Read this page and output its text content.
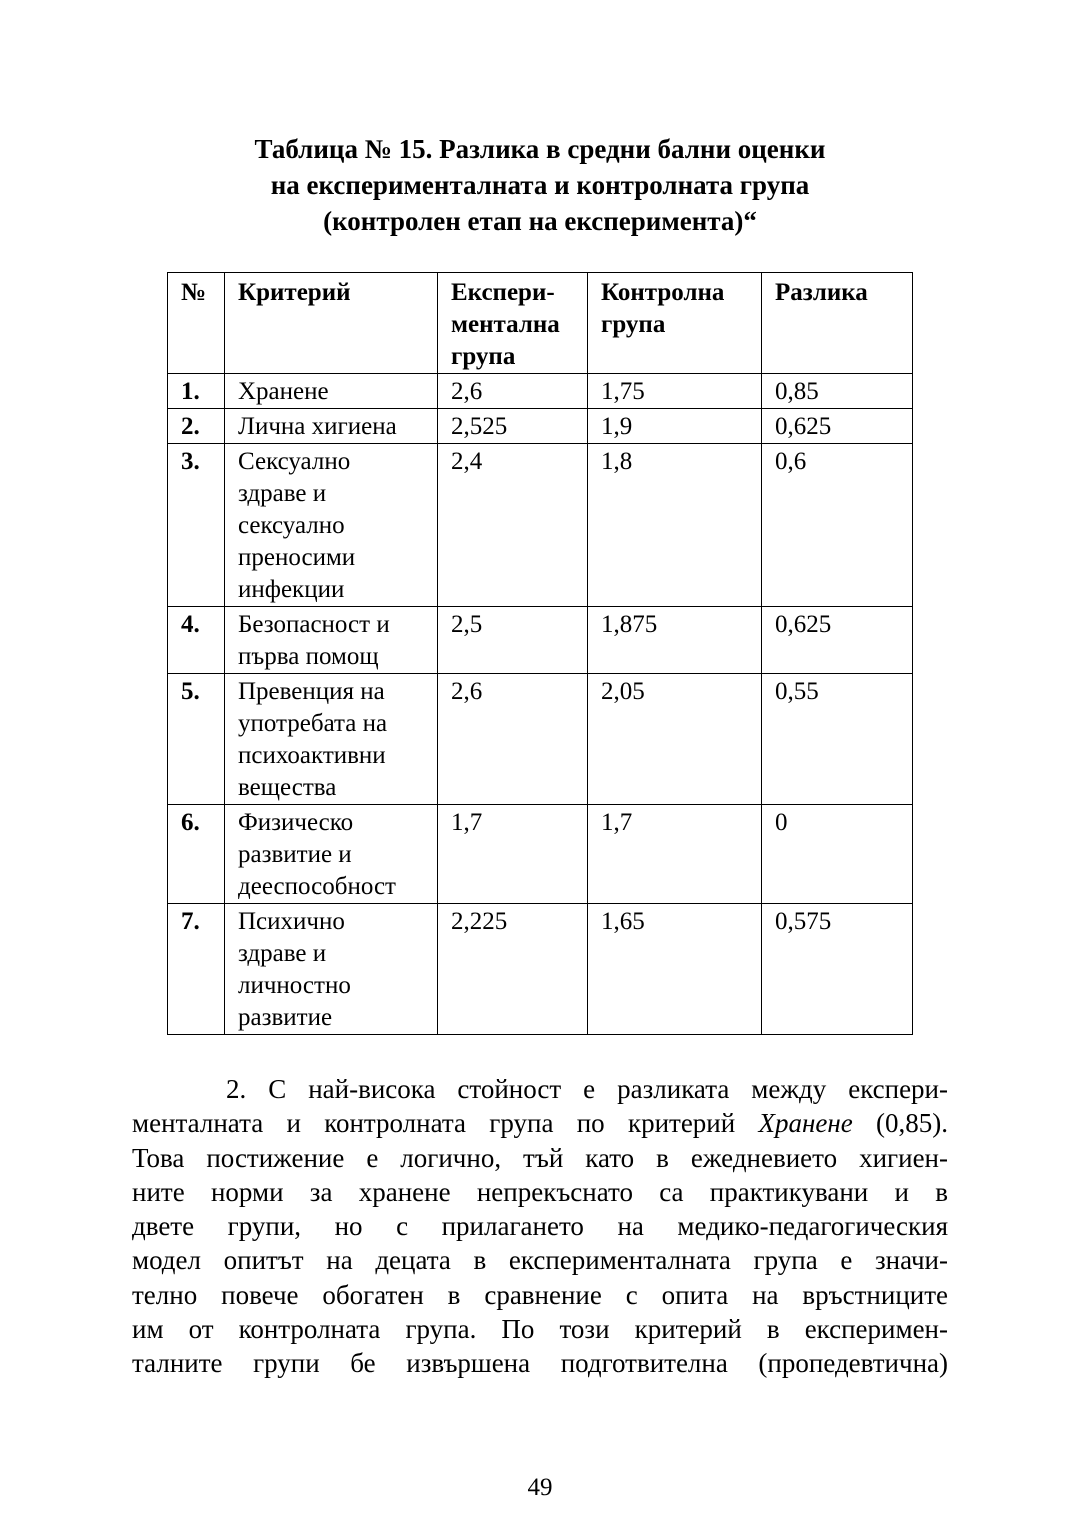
Таблица № 15. Разлика в средни бални оценки
на експерименталната и контролната група
(контролен етап на експеримента)“
№	Критерий	Експери-
ментална
група	Контролна
група	Разлика
1.	Хранене	2,6	1,75	0,85
2.	Лична хигиена	2,525	1,9	0,625
3.	Сексуално здраве и сексуално преносими инфекции	2,4	1,8	0,6
4.	Безопасност и първа помощ	2,5	1,875	0,625
5.	Превенция на употребата на психоактивни вещества	2,6	2,05	0,55
6.	Физическо развитие и дееспособност	1,7	1,7	0
7.	Психично здраве и личностно развитие	2,225	1,65	0,575
2. С най-висока стойност е разликата между експери-
менталната и контролната група по критерий Хранене (0,85).
Това постижение е логично, тъй като в ежедневието хигиен-
ните норми за хранене непрекъснато са практикувани и в
двете групи, но с прилагането на медико-педагогическия
модел опитът на децата в експерименталната група е значи-
телно повече обогатен в сравнение с опита на връстниците
им от контролната група. По този критерий в експеримен-
талните групи бе извършена подготвителна (пропедевтична)
49
